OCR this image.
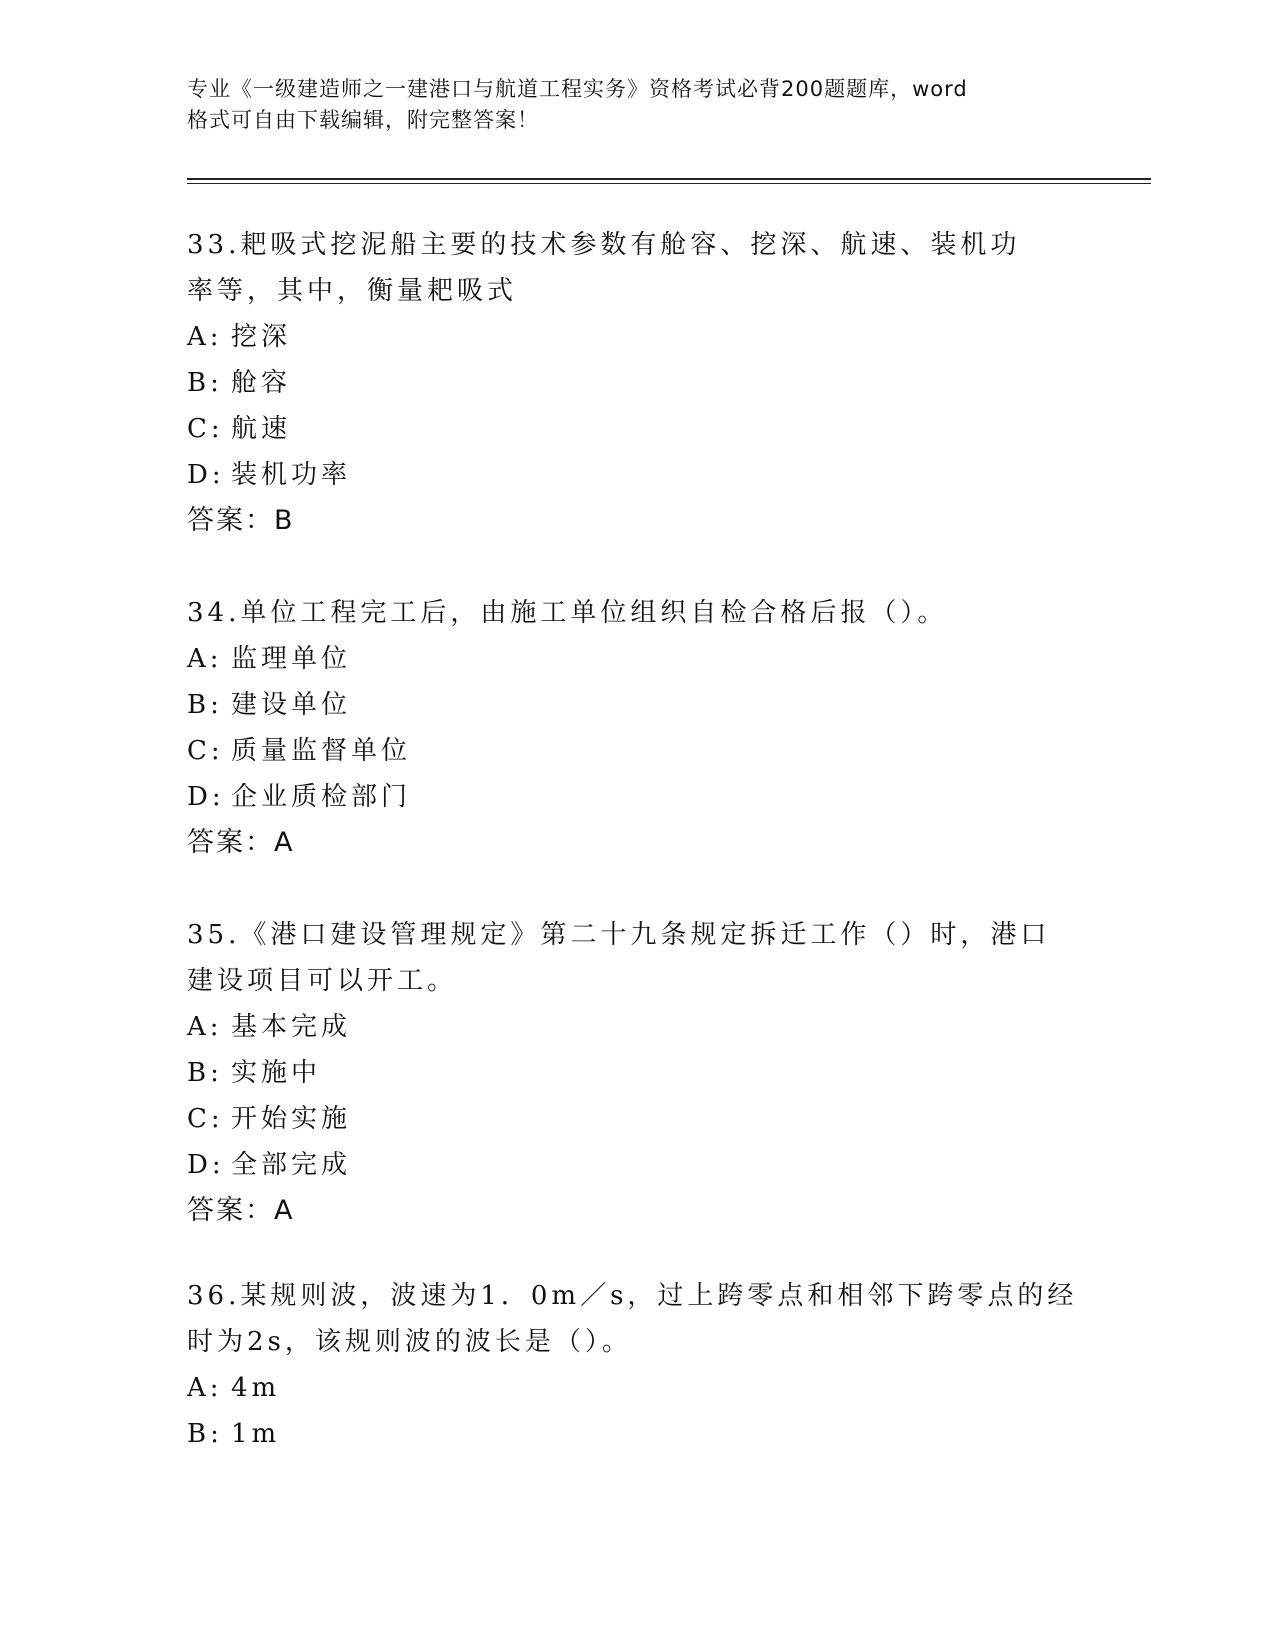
专业《一级建造师之一建港口与航道工程实务》资格考试必背200题题库，word
格式可自由下载编辑，附完整答案！
33.耙吸式挖泥船主要的技术参数有舱容、挖深、航速、装机功率等，其中，衡量耙吸式
A: 挖深
B: 舱容
C: 航速
D: 装机功率
答案：B
34.单位工程完工后，由施工单位组织自检合格后报（）。
A: 监理单位
B: 建设单位
C: 质量监督单位
D: 企业质检部门
答案：A
35.《港口建设管理规定》第二十九条规定拆迁工作（）时，港口建设项目可以开工。
A: 基本完成
B: 实施中
C: 开始实施
D: 全部完成
答案：A
36.某规则波，波速为1．0m／s，过上跨零点和相邻下跨零点的经时为2s，该规则波的波长是（）。
A: 4m
B: 1m
